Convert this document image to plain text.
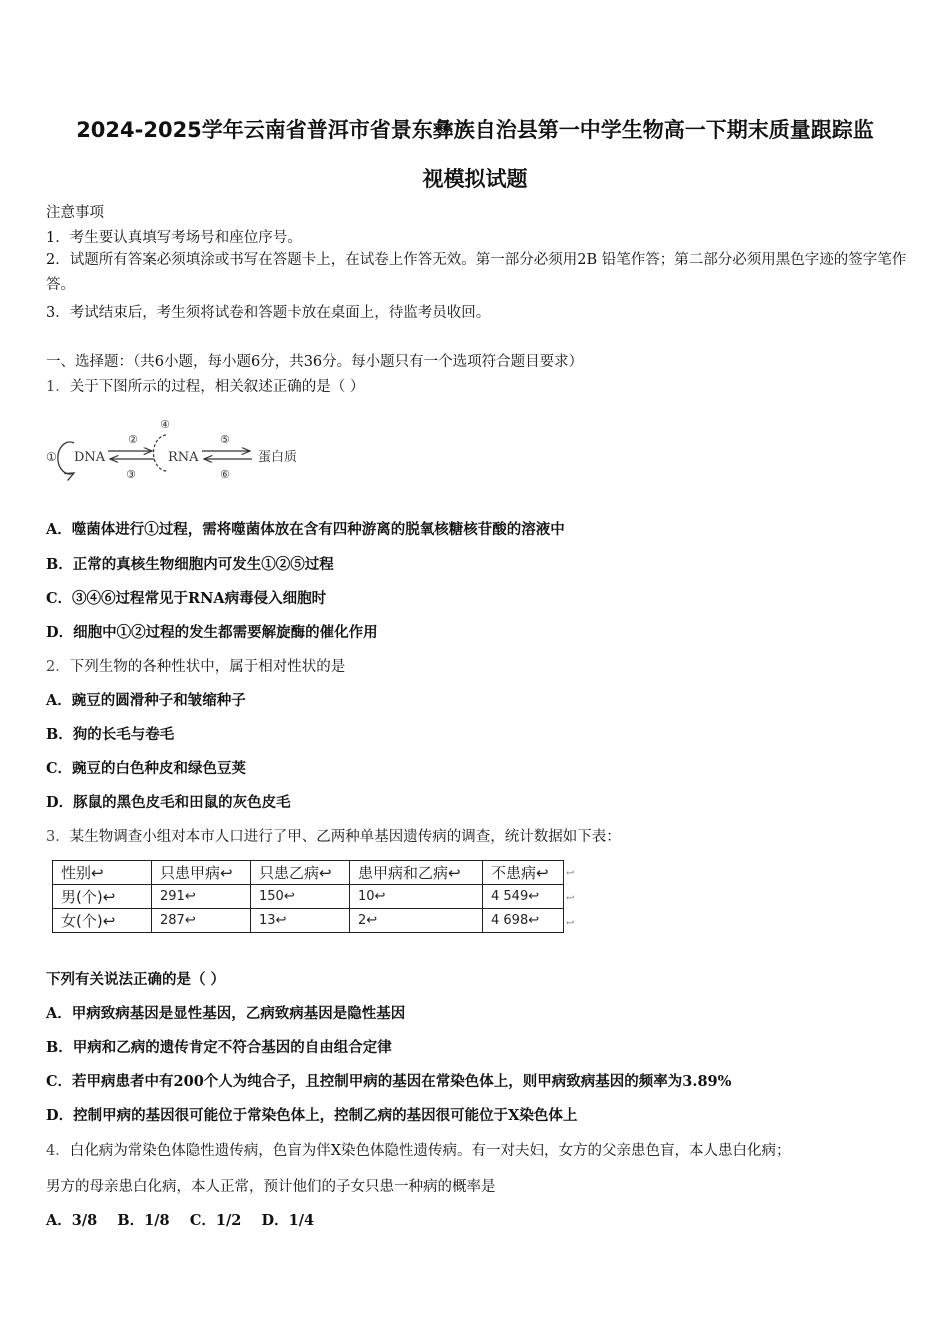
2024-2025学年云南省普洱市省景东彝族自治县第一中学生物高一下期末质量跟踪监
视模拟试题
注意事项
1．考生要认真填写考场号和座位序号。
2．试题所有答案必须填涂或书写在答题卡上，在试卷上作答无效。第一部分必须用2B 铅笔作答；第二部分必须用黑色字迹的签字笔作答。
3．考试结束后，考生须将试卷和答题卡放在桌面上，待监考员收回。
一、选择题：（共6小题，每小题6分，共36分。每小题只有一个选项符合题目要求）
1．关于下图所示的过程，相关叙述正确的是（ ）
① DNA
②
③
④
RNA
⑤
⑥
蛋白质
A．噬菌体进行①过程，需将噬菌体放在含有四种游离的脱氧核糖核苷酸的溶液中
B．正常的真核生物细胞内可发生①②⑤过程
C．③④⑥过程常见于RNA病毒侵入细胞时
D．细胞中①②过程的发生都需要解旋酶的催化作用
2．下列生物的各种性状中，属于相对性状的是
A．豌豆的圆滑种子和皱缩种子
B．狗的长毛与卷毛
C．豌豆的白色种皮和绿色豆荚
D．豚鼠的黑色皮毛和田鼠的灰色皮毛
3．某生物调查小组对本市人口进行了甲、乙两种单基因遗传病的调查，统计数据如下表：
性别↩	只患甲病↩	只患乙病↩	患甲病和乙病↩	不患病↩
男(个)↩	291↩	150↩	10↩	4 549↩
女(个)↩	287↩	13↩	2↩	4 698↩
↩
↩
↩
下列有关说法正确的是（ ）
A．甲病致病基因是显性基因，乙病致病基因是隐性基因
B．甲病和乙病的遗传肯定不符合基因的自由组合定律
C．若甲病患者中有200个人为纯合子，且控制甲病的基因在常染色体上，则甲病致病基因的频率为3.89%
D．控制甲病的基因很可能位于常染色体上，控制乙病的基因很可能位于X染色体上
4．白化病为常染色体隐性遗传病，色盲为伴X染色体隐性遗传病。有一对夫妇，女方的父亲患色盲，本人患白化病；
男方的母亲患白化病，本人正常，预计他们的子女只患一种病的概率是
A．3/8    B．1/8    C．1/2    D．1/4
